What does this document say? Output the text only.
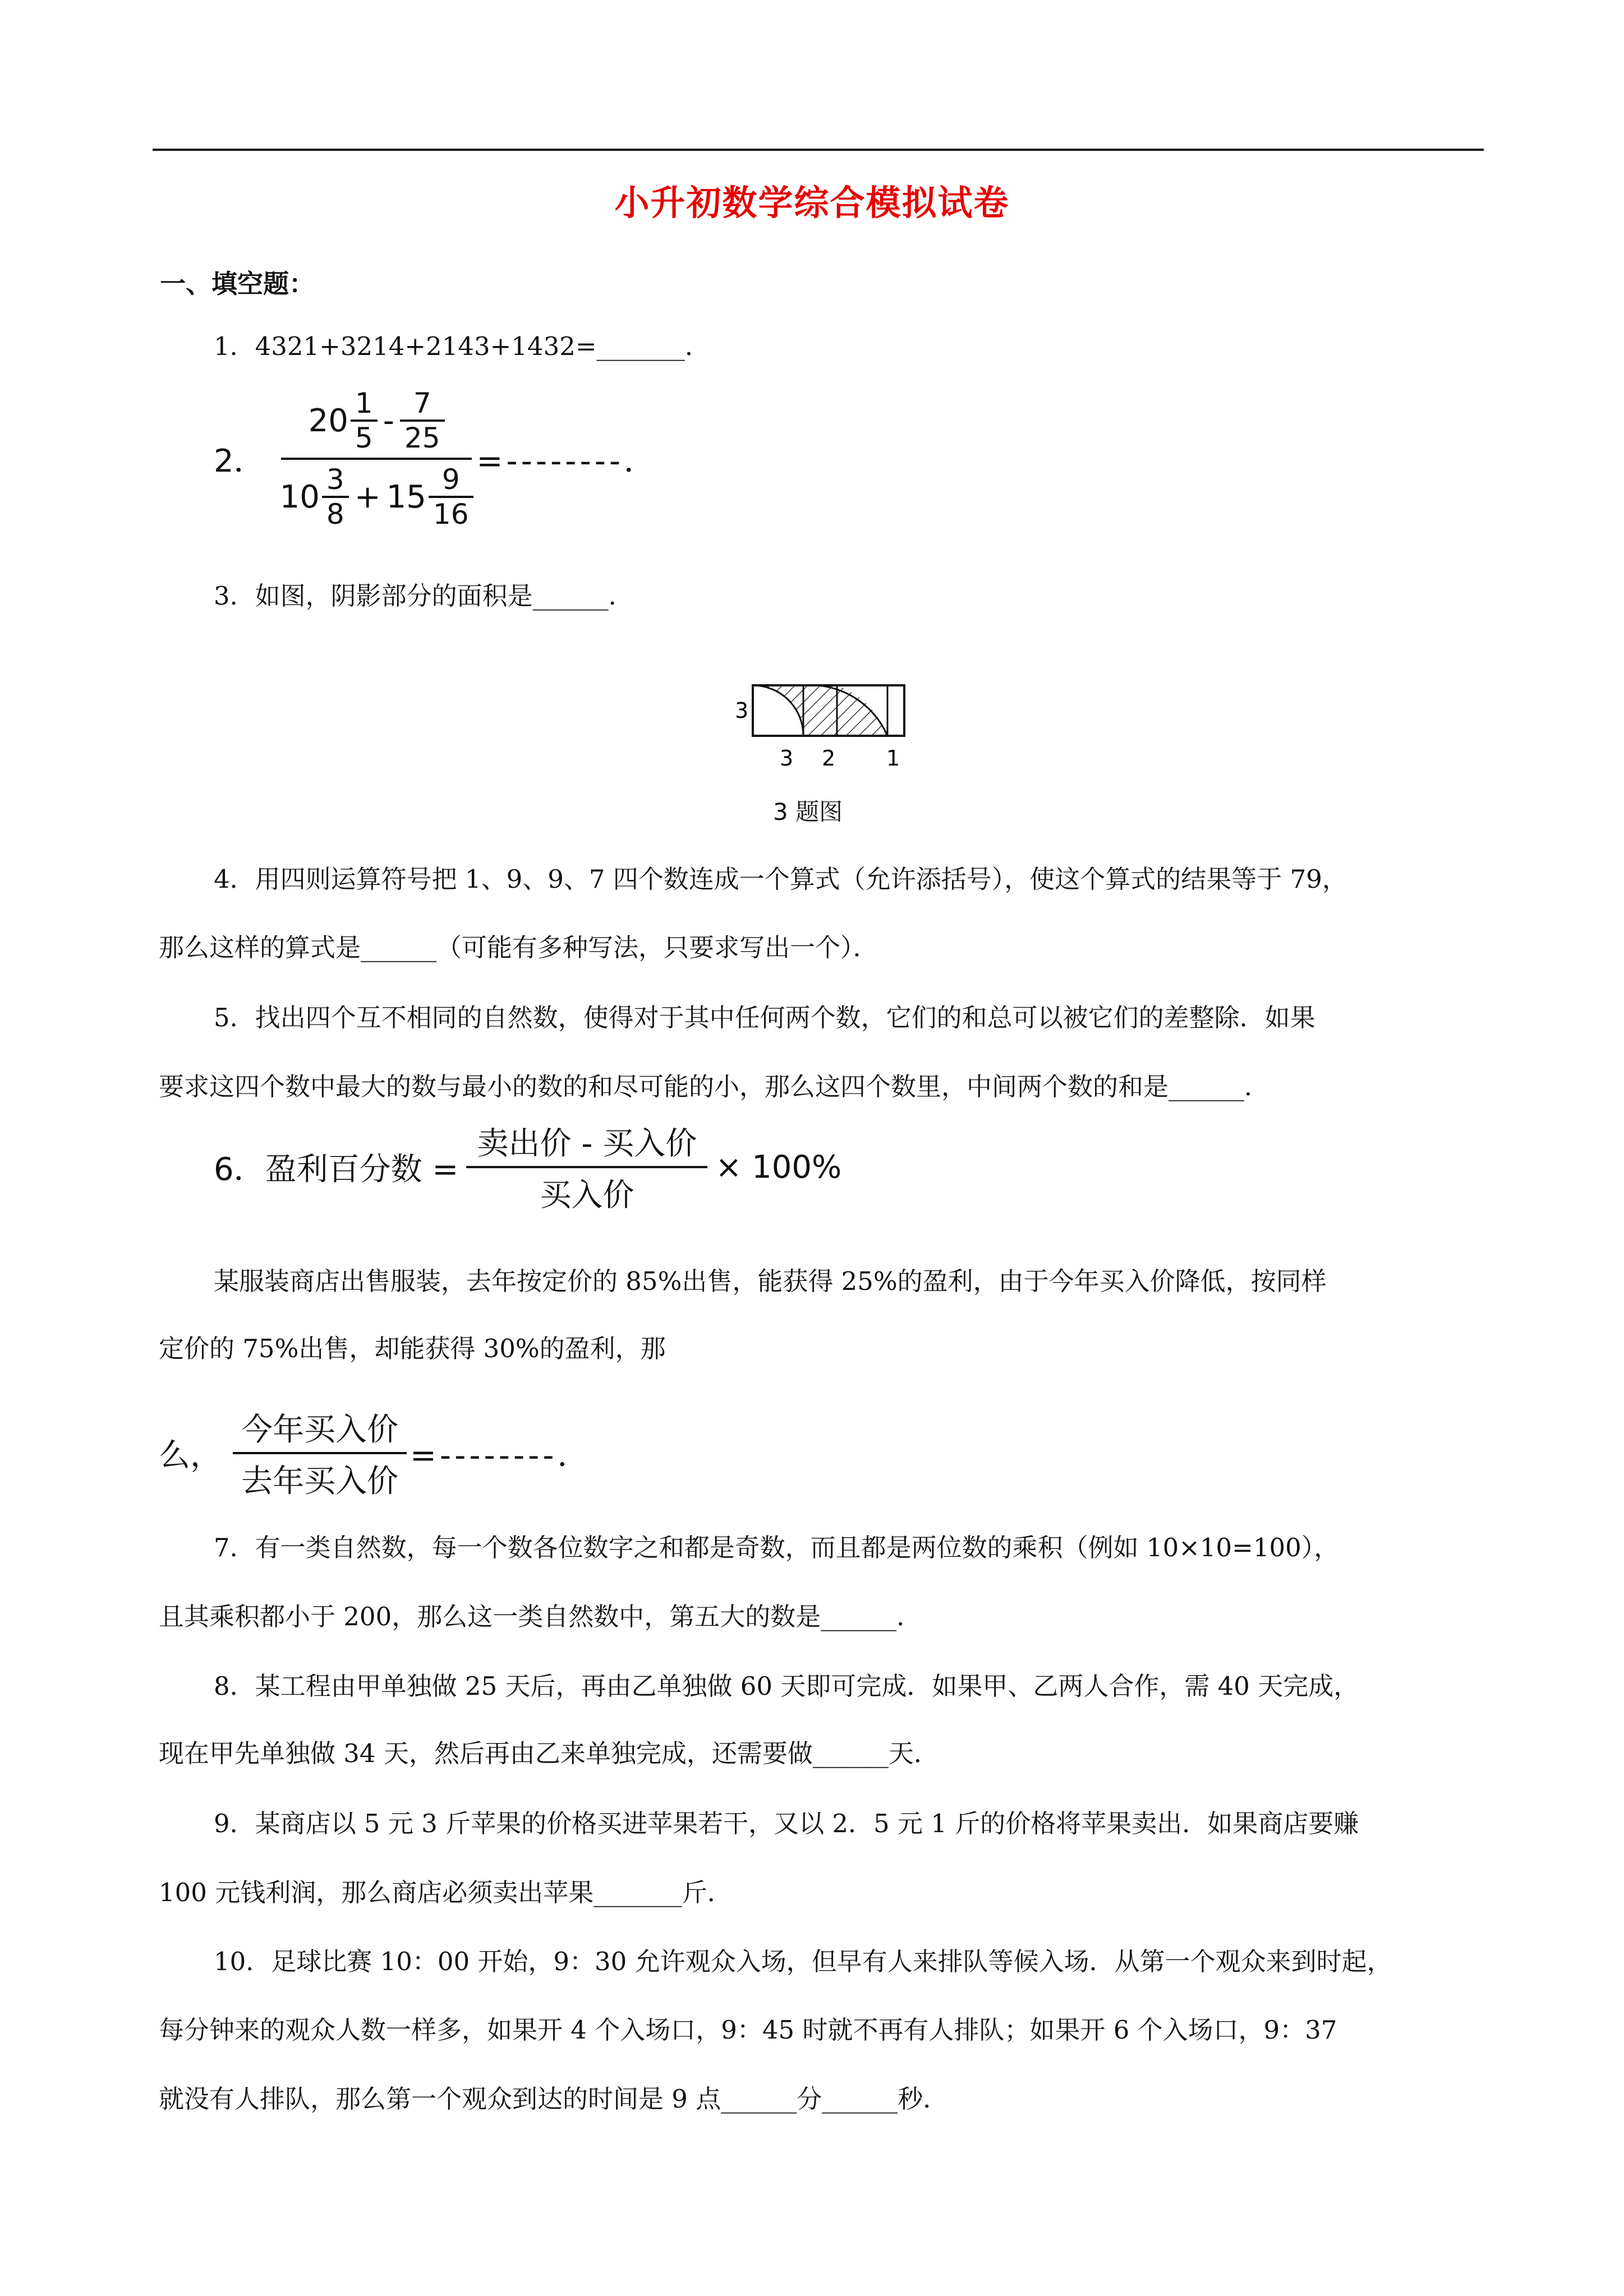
小升初数学综合模拟试卷
一、填空题：
1．4321+3214+2143+1432=_______．
2．
$20 \frac{1}{5} - \frac{7}{25}$
$10 \frac{3}{8} + 15 \frac{9}{16}$
=--------．
3．如图，阴影部分的面积是______．
3
3 2 1
3 题图
4．用四则运算符号把 1、9、9、7 四个数连成一个算式（允许添括号），使这个算式的结果等于 79，
那么这样的算式是______（可能有多种写法，只要求写出一个）．
5．找出四个互不相同的自然数，使得对于其中任何两个数，它们的和总可以被它们的差整除．如果
要求这四个数中最大的数与最小的数的和尽可能的小，那么这四个数里，中间两个数的和是______．
6．盈利百分数 =
卖出价 - 买入价
买入价
× 100%
某服装商店出售服装，去年按定价的 85%出售，能获得 25%的盈利，由于今年买入价降低，按同样
定价的 75%出售，却能获得 30%的盈利，那
么，
今年买入价
去年买入价
=--------．
7．有一类自然数，每一个数各位数字之和都是奇数，而且都是两位数的乘积（例如 10×10=100），
且其乘积都小于 200，那么这一类自然数中，第五大的数是______．
8．某工程由甲单独做 25 天后，再由乙单独做 60 天即可完成．如果甲、乙两人合作，需 40 天完成，
现在甲先单独做 34 天，然后再由乙来单独完成，还需要做______天．
9．某商店以 5 元 3 斤苹果的价格买进苹果若干，又以 2．5 元 1 斤的价格将苹果卖出．如果商店要赚
100 元钱利润，那么商店必须卖出苹果_______斤．
10．足球比赛 10：00 开始，9：30 允许观众入场，但早有人来排队等候入场．从第一个观众来到时起，
每分钟来的观众人数一样多，如果开 4 个入场口，9：45 时就不再有人排队；如果开 6 个入场口，9：37
就没有人排队，那么第一个观众到达的时间是 9 点______分______秒．
